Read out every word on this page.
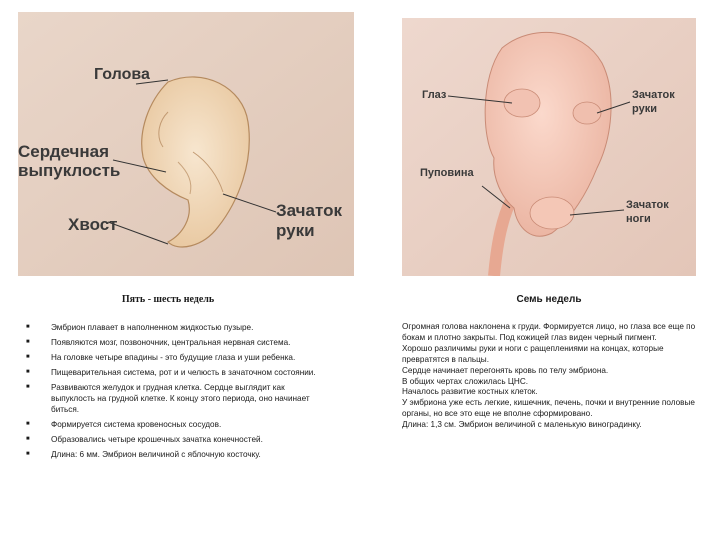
Голова
Сердечная
выпуклость
Хвост
Зачаток
руки
Глаз	Зачаток
руки
Пуповина
Зачаток
ноги
Пять - шесть недель	Семь недель
■	Эмбрион плавает в наполненном жидкостью пузыре.
■	Появляются мозг, позвоночник, центральная нервная система.
■	На головке четыре впадины - это будущие глаза и уши ребенка.
■	Пищеварительная система, рот и и челюсть в зачаточном состоянии.
■	Развиваются желудок и грудная клетка. Сердце выглядит как выпуклость на грудной клетке. К концу этого периода, оно начинает биться.
■	Формируется система кровеносных сосудов.
■	Образовались четыре крошечных зачатка конечностей.
■	Длина: 6 мм. Эмбрион величиной с яблочную косточку.
Огромная голова наклонена к груди. Формируется лицо, но глаза все еще по бокам и плотно закрыты. Под кожицей глаз виден черный пигмент.
Хорошо различимы руки и ноги с ращеплениями на концах, которые превратятся в пальцы.
Сердце начинает перегонять кровь по телу эмбриона.
В общих чертах сложилась ЦНС.
Началось развитие костных клеток.
У эмбриона уже есть легкие, кишечник, печень, почки и внутренние половые органы, но все это еще не вполне сформировано.
Длина: 1,3 см. Эмбрион величиной с маленькую виноградинку.
